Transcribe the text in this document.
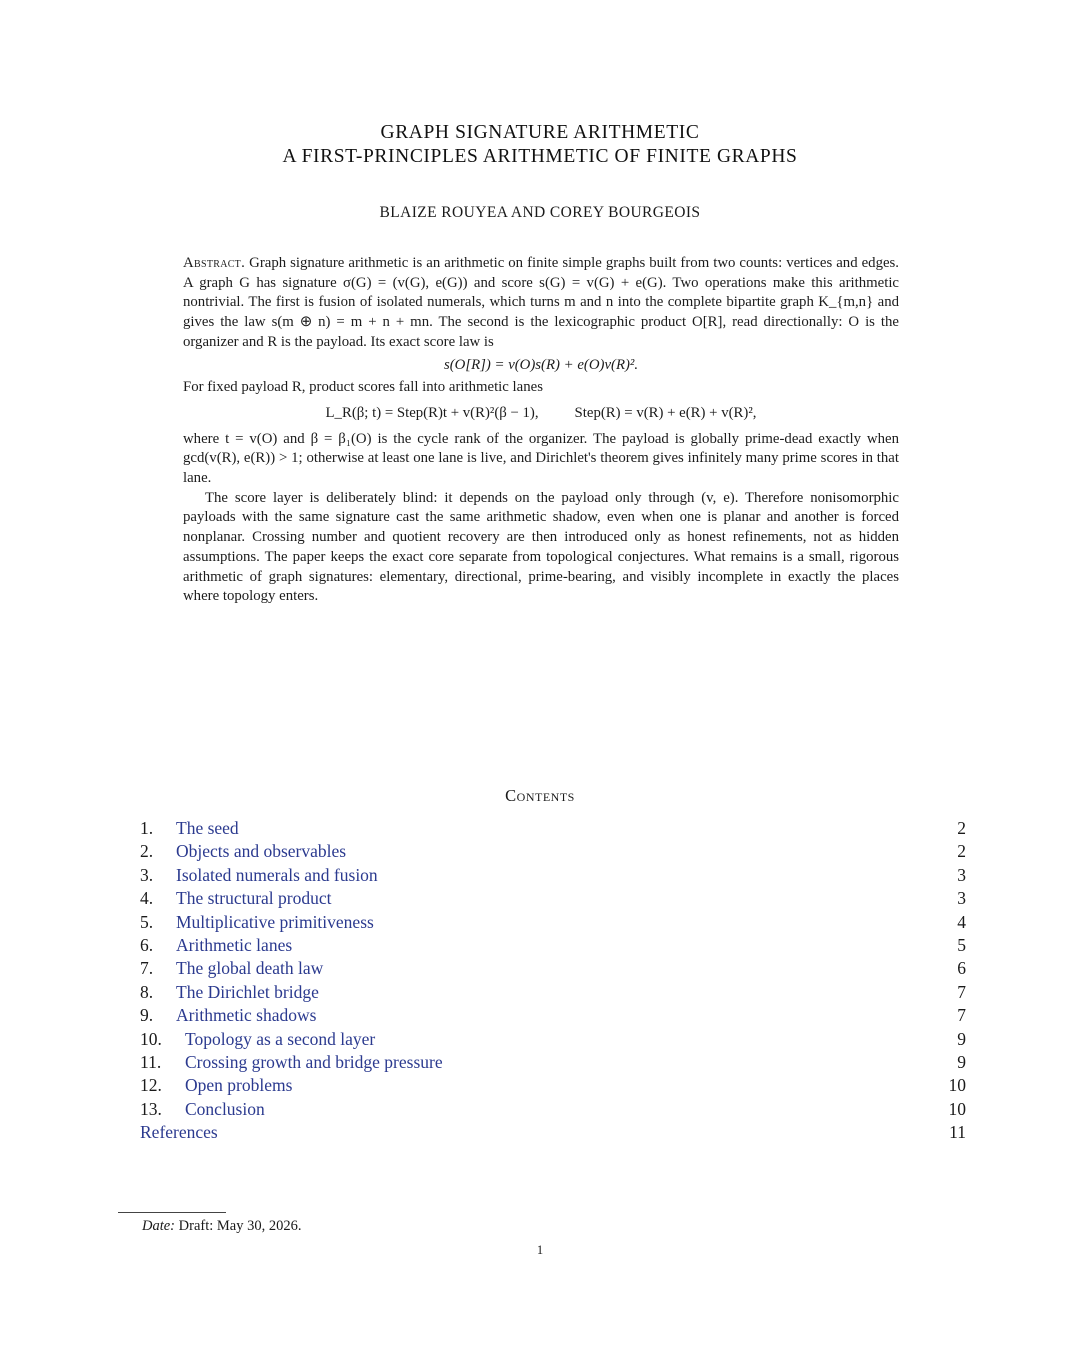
GRAPH SIGNATURE ARITHMETIC
A FIRST-PRINCIPLES ARITHMETIC OF FINITE GRAPHS
BLAIZE ROUYEA AND COREY BOURGEOIS

Abstract. Graph signature arithmetic is an arithmetic on finite simple graphs built from two counts: vertices and edges. A graph G has signature σ(G) = (v(G), e(G)) and score s(G) = v(G) + e(G). Two operations make this arithmetic nontrivial. The first is fusion of isolated numerals, which turns m and n into the complete bipartite graph K_{m,n} and gives the law s(m ⊕ n) = m + n + mn. The second is the lexicographic product O[R], read directionally: O is the organizer and R is the payload. Its exact score law is

s(O[R]) = v(O)s(R) + e(O)v(R)².

For fixed payload R, product scores fall into arithmetic lanes

L_R(β; t) = Step(R)t + v(R)²(β − 1), Step(R) = v(R) + e(R) + v(R)²,

where t = v(O) and β = β₁(O) is the cycle rank of the organizer. The payload is globally prime-dead exactly when gcd(v(R), e(R)) > 1; otherwise at least one lane is live, and Dirichlet's theorem gives infinitely many prime scores in that lane.

The score layer is deliberately blind: it depends on the payload only through (v, e). Therefore nonisomorphic payloads with the same signature cast the same arithmetic shadow, even when one is planar and another is forced nonplanar. Crossing number and quotient recovery are then introduced only as honest refinements, not as hidden assumptions. The paper keeps the exact core separate from topological conjectures. What remains is a small, rigorous arithmetic of graph signatures: elementary, directional, prime-bearing, and visibly incomplete in exactly the places where topology enters.

Contents
1.	The seed	2
2.	Objects and observables	2
3.	Isolated numerals and fusion	3
4.	The structural product	3
5.	Multiplicative primitiveness	4
6.	Arithmetic lanes	5
7.	The global death law	6
8.	The Dirichlet bridge	7
9.	Arithmetic shadows	7
10.	Topology as a second layer	9
11.	Crossing growth and bridge pressure	9
12.	Open problems	10
13.	Conclusion	10
References	11
Date: Draft: May 30, 2026.
1
